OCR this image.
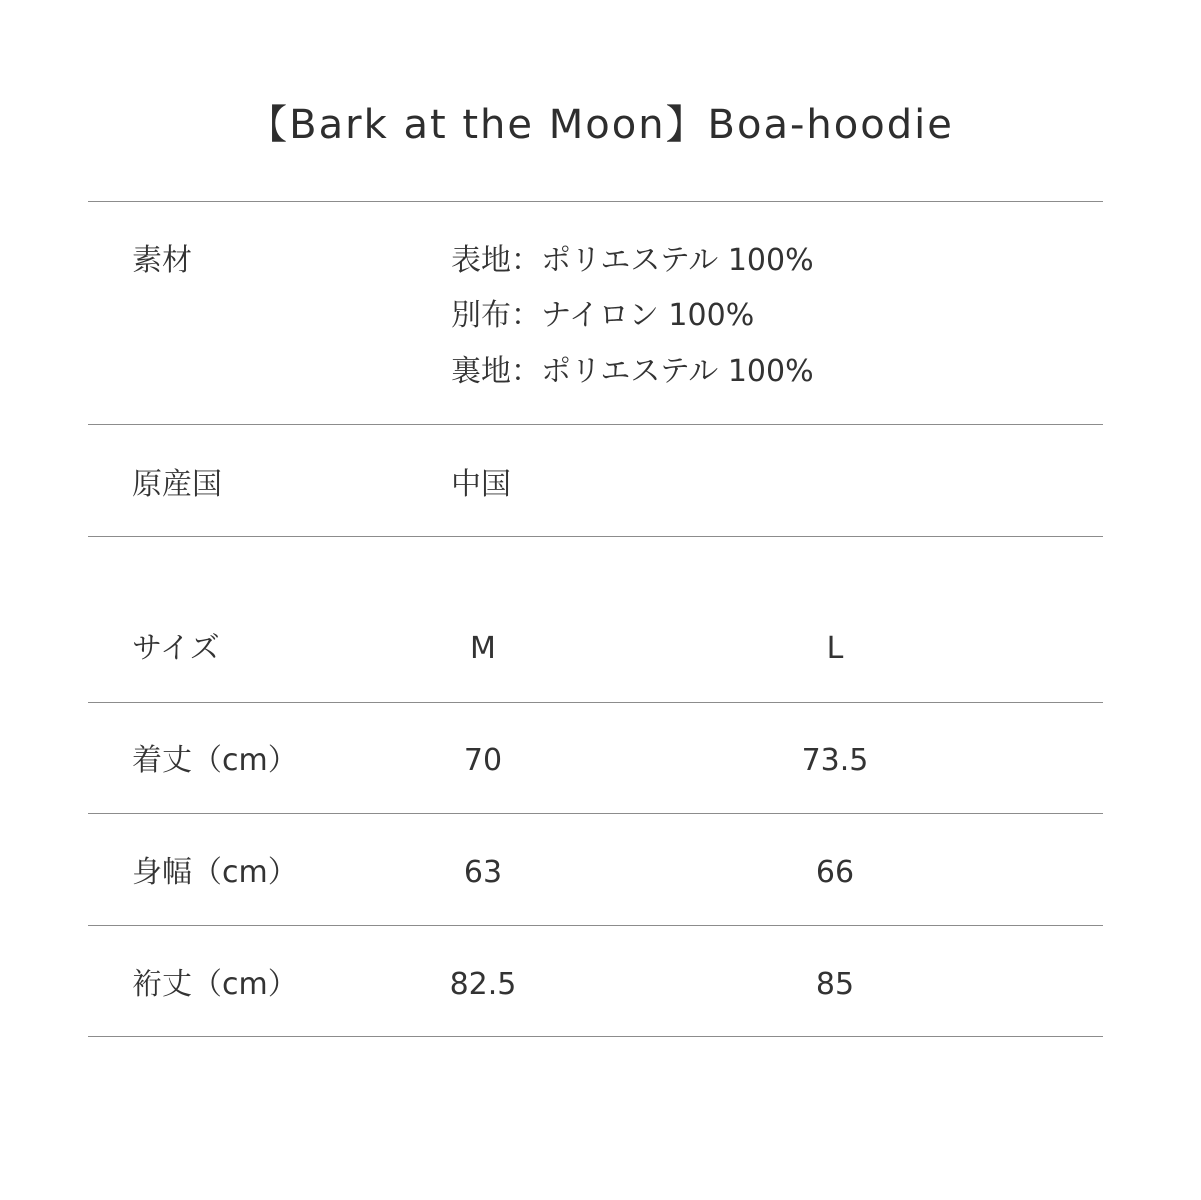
【Bark at the Moon】Boa-hoodie
素材	表地：ポリエステル 100%
別布：ナイロン 100%
裏地：ポリエステル 100%
原産国	中国
サイズ	M	L
着丈（cm）	70	73.5
身幅（cm）	63	66
裄丈（cm）	82.5	85
